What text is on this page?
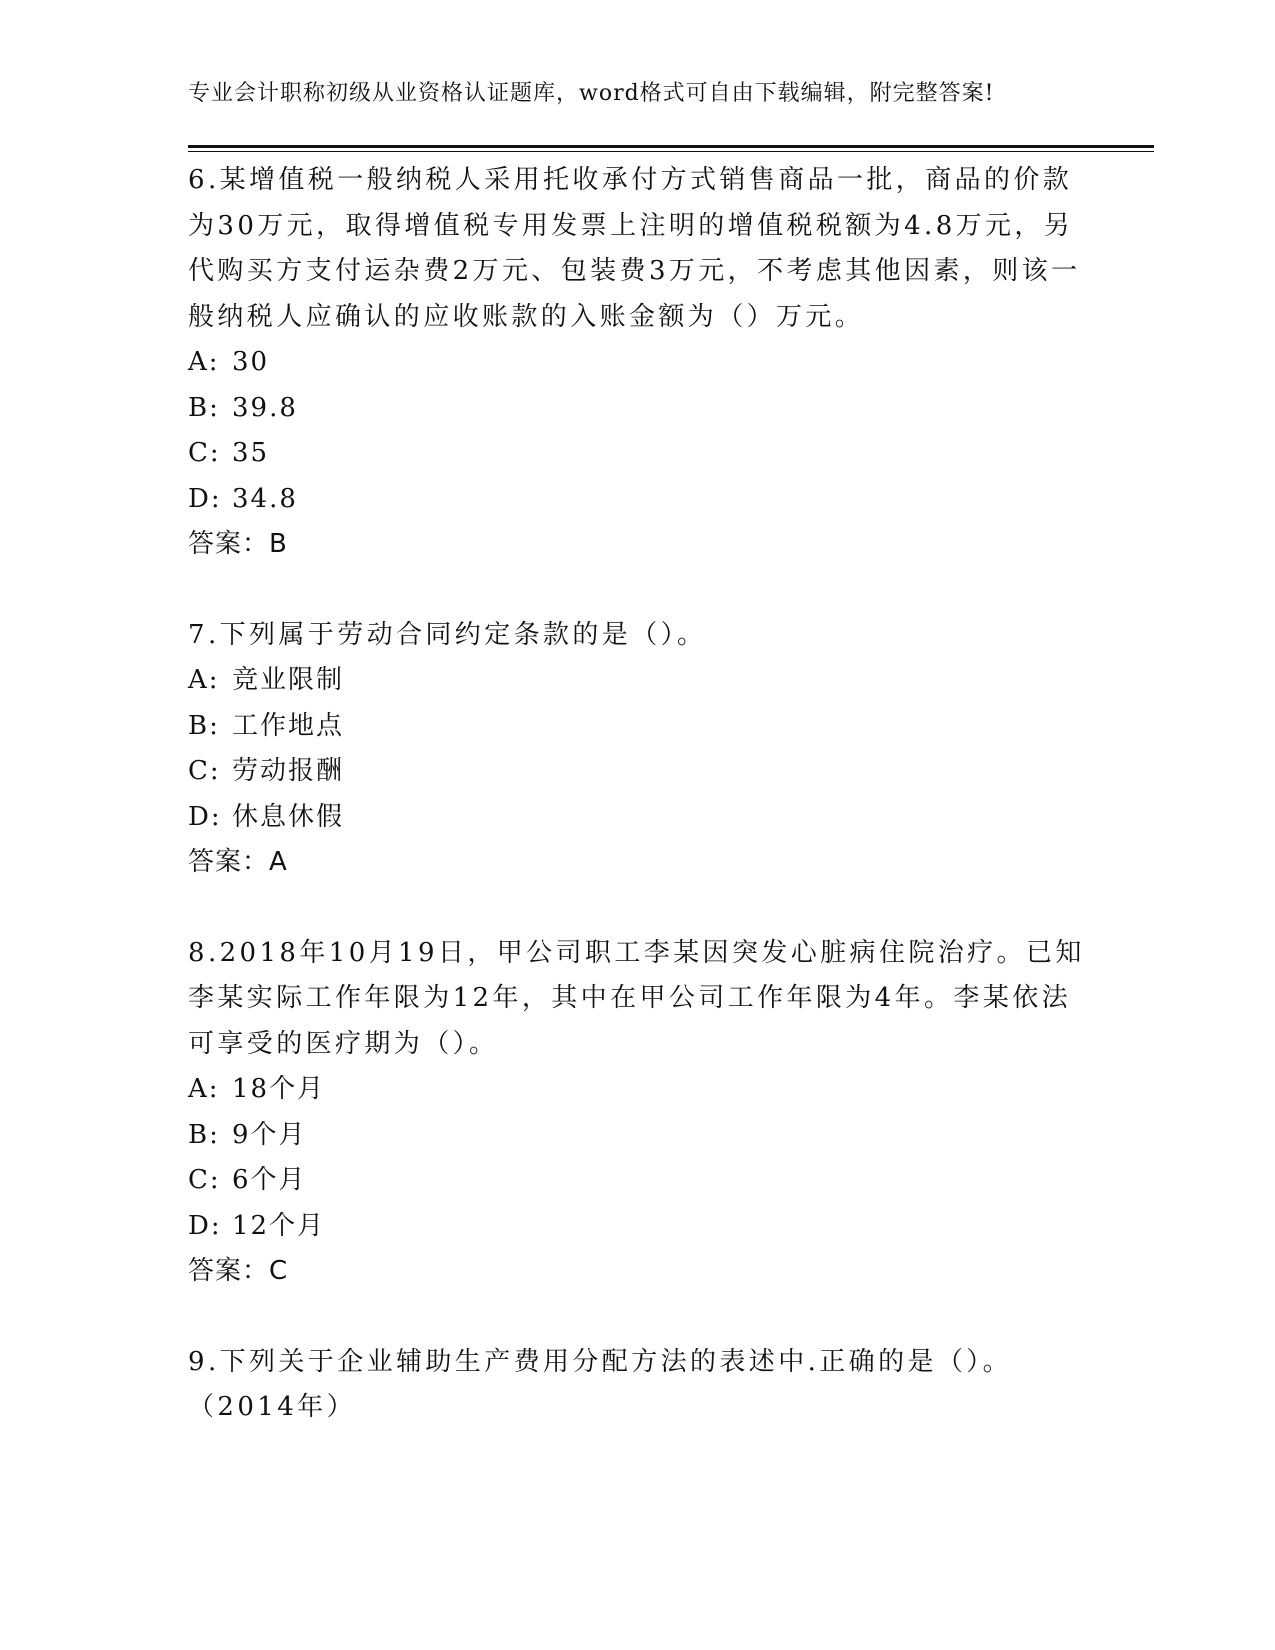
专业会计职称初级从业资格认证题库，word格式可自由下载编辑，附完整答案!

6.某增值税一般纳税人采用托收承付方式销售商品一批，商品的价款为30万元，取得增值税专用发票上注明的增值税税额为4.8万元，另代购买方支付运杂费2万元、包装费3万元，不考虑其他因素，则该一般纳税人应确认的应收账款的入账金额为（）万元。

A: 30

B: 39.8

C: 35

D: 34.8

答案：B

7.下列属于劳动合同约定条款的是（）。

A: 竞业限制

B: 工作地点

C: 劳动报酬

D: 休息休假

答案：A

8.2018年10月19日，甲公司职工李某因突发心脏病住院治疗。已知李某实际工作年限为12年，其中在甲公司工作年限为4年。李某依法可享受的医疗期为（）。

A: 18个月

B: 9个月

C: 6个月

D: 12个月

答案：C

9.下列关于企业辅助生产费用分配方法的表述中.正确的是（）。（2014年）
